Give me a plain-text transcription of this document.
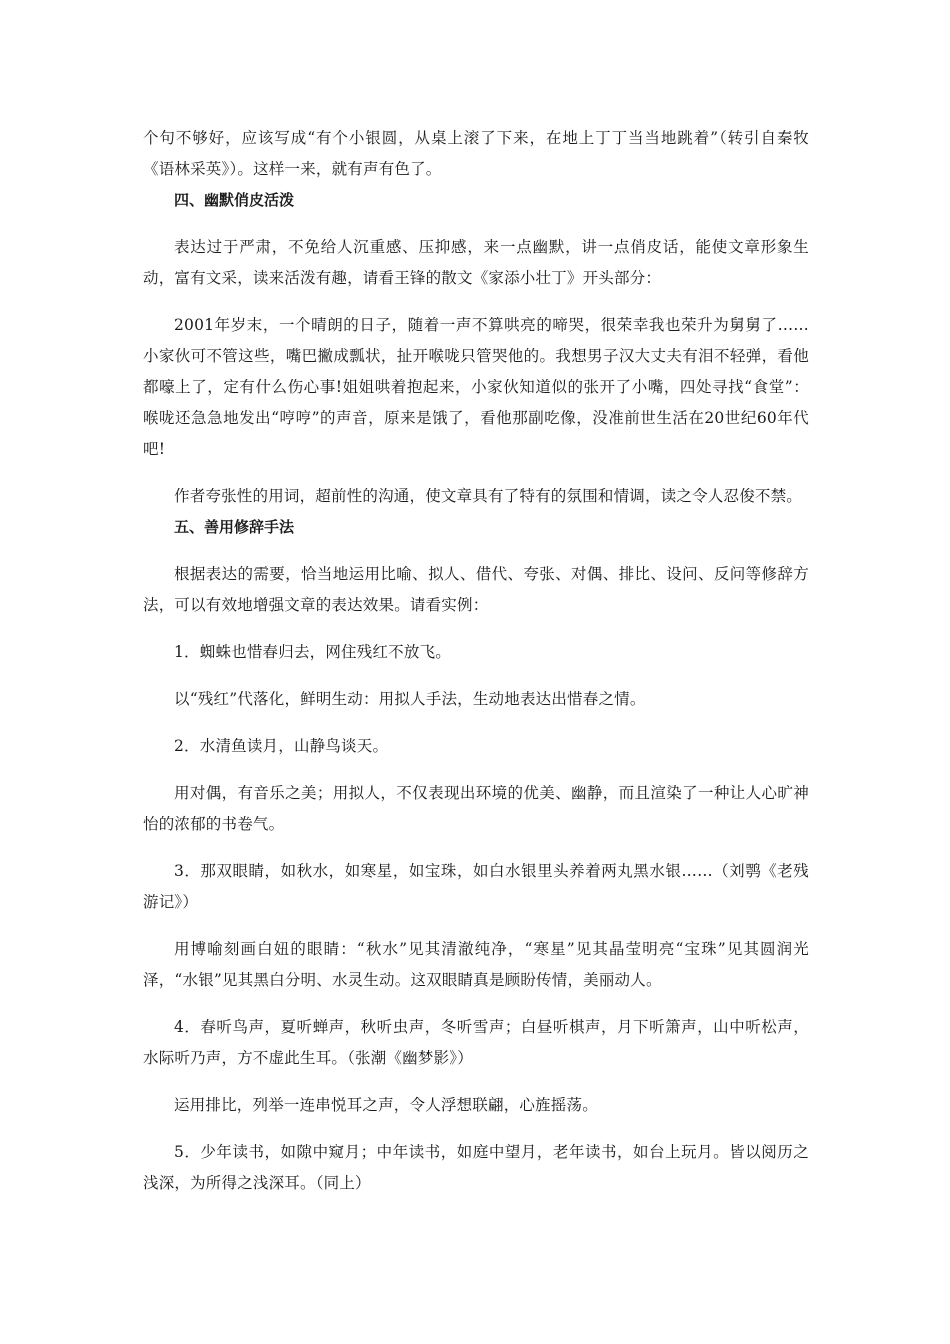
个句不够好，应该写成“有个小银圆，从桌上滚了下来，在地上丁丁当当地跳着”（转引自秦牧《语林采英》）。这样一来，就有声有色了。

四、幽默俏皮活泼

表达过于严肃，不免给人沉重感、压抑感，来一点幽默，讲一点俏皮话，能使文章形象生动，富有文采，读来活泼有趣，请看王锋的散文《家添小壮丁》开头部分：

2001年岁末，一个晴朗的日子，随着一声不算哄亮的啼哭，很荣幸我也荣升为舅舅了……小家伙可不管这些，嘴巴撇成瓢状，扯开喉咙只管哭他的。我想男子汉大丈夫有泪不轻弹，看他都嚎上了，定有什么伤心事!姐姐哄着抱起来，小家伙知道似的张开了小嘴，四处寻找“食堂”：喉咙还急急地发出“哼哼”的声音，原来是饿了，看他那副吃像，没准前世生活在20世纪60年代吧!

作者夸张性的用词，超前性的沟通，使文章具有了特有的氛围和情调，读之令人忍俊不禁。

五、善用修辞手法

根据表达的需要，恰当地运用比喻、拟人、借代、夸张、对偶、排比、设问、反问等修辞方法，可以有效地增强文章的表达效果。请看实例：

1．蜘蛛也惜春归去，网住残红不放飞。

以“残红”代落化，鲜明生动：用拟人手法，生动地表达出惜春之情。

2．水清鱼读月，山静鸟谈天。

用对偶，有音乐之美；用拟人，不仅表现出环境的优美、幽静，而且渲染了一种让人心旷神怡的浓郁的书卷气。

3．那双眼睛，如秋水，如寒星，如宝珠，如白水银里头养着两丸黑水银……（刘鹗《老残游记》）

用博喻刻画白妞的眼睛：“秋水”见其清澈纯净，“寒星”见其晶莹明亮“宝珠”见其圆润光泽，“水银”见其黑白分明、水灵生动。这双眼睛真是顾盼传情，美丽动人。

4．春听鸟声，夏听蝉声，秋听虫声，冬听雪声；白昼听棋声，月下听箫声，山中听松声，水际听乃声，方不虚此生耳。（张潮《幽梦影》）

运用排比，列举一连串悦耳之声，令人浮想联翩，心旌摇荡。

5．少年读书，如隙中窥月；中年读书，如庭中望月，老年读书，如台上玩月。皆以阅历之浅深，为所得之浅深耳。（同上）
